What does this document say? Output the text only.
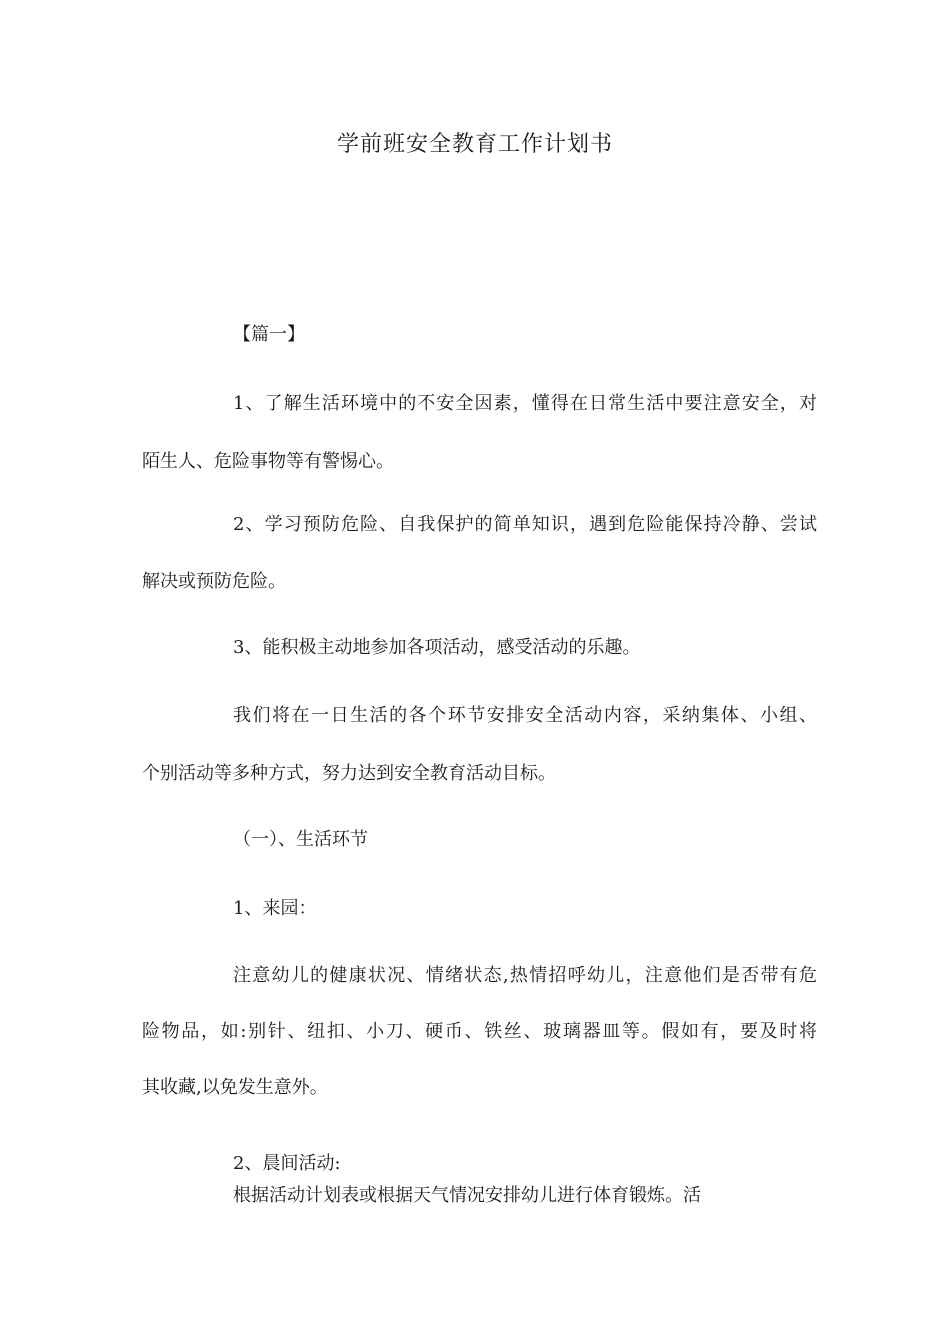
学前班安全教育工作计划书
【篇一】
1、了解生活环境中的不安全因素，懂得在日常生活中要注意安全，对
陌生人、危险事物等有警惕心。
2、学习预防危险、自我保护的简单知识，遇到危险能保持冷静、尝试
解决或预防危险。
3、能积极主动地参加各项活动，感受活动的乐趣。
我们将在一日生活的各个环节安排安全活动内容，采纳集体、小组、
个别活动等多种方式，努力达到安全教育活动目标。
（一）、生活环节
1、来园：
注意幼儿的健康状况、情绪状态,热情招呼幼儿，注意他们是否带有危
险物品，如:别针、纽扣、小刀、硬币、铁丝、玻璃器皿等。假如有，要及时将
其收藏,以免发生意外。
2、晨间活动:
根据活动计划表或根据天气情况安排幼儿进行体育锻炼。活
